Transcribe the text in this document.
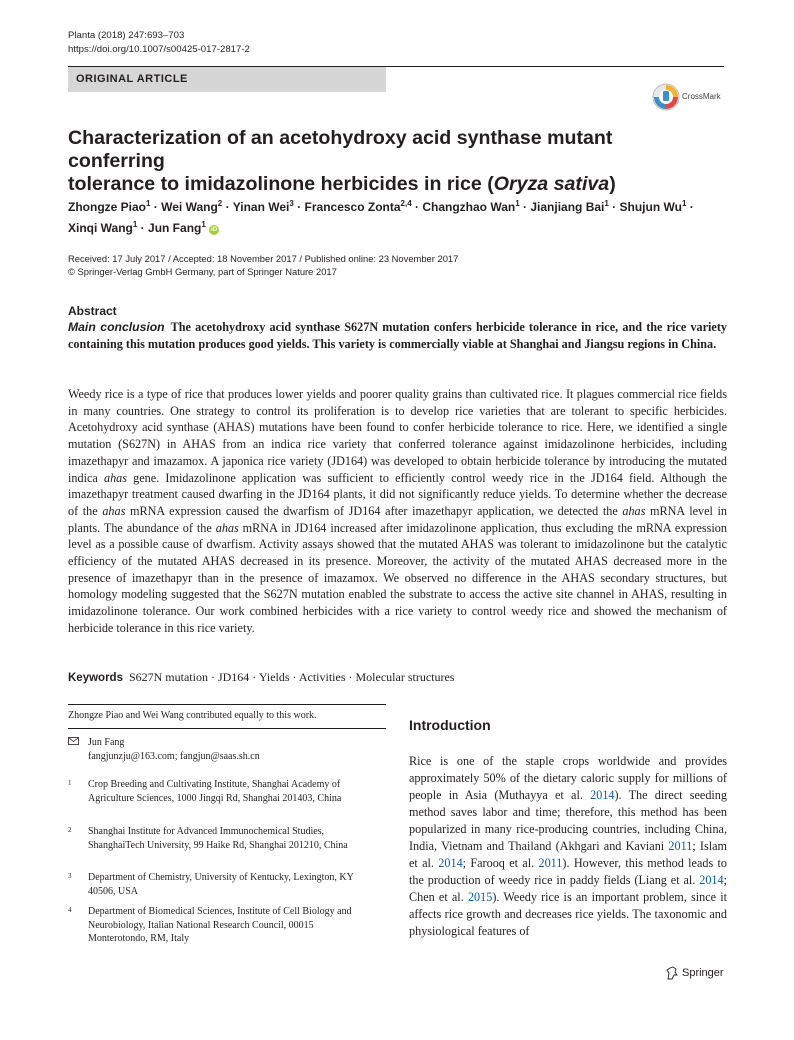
Planta (2018) 247:693–703
https://doi.org/10.1007/s00425-017-2817-2
ORIGINAL ARTICLE
CrossMark
Characterization of an acetohydroxy acid synthase mutant conferring
tolerance to imidazolinone herbicides in rice (Oryza sativa)
Zhongze Piao$^1$ · Wei Wang$^2$ · Yinan Wei$^3$ · Francesco Zonta$^{2,4}$ · Changzhao Wan$^1$ · Jianjiang Bai$^1$ · Shujun $Wu^1$ ·
Xinqi Wang$^1$ · Jun Fang$^1$ iD
Received: 17 July 2017 / Accepted: 18 November 2017 / Published online: 23 November 2017
© Springer-Verlag GmbH Germany, part of Springer Nature 2017
Abstract
Main conclusion The acetohydroxy acid synthase S627N mutation confers herbicide tolerance in rice, and the rice variety containing this mutation produces good yields. This variety is commercially viable at Shanghai and Jiangsu regions in China.
Weedy rice is a type of rice that produces lower yields and poorer quality grains than cultivated rice. It plagues commercial rice fields in many countries. One strategy to control its proliferation is to develop rice varieties that are tolerant to specific herbicides. Acetohydroxy acid synthase (AHAS) mutations have been found to confer herbicide tolerance to rice. Here, we identified a single mutation (S627N) in AHAS from an indica rice variety that conferred tolerance against imidazolinone herbicides, including imazethapyr and imazamox. A japonica rice variety (JD164) was developed to obtain herbicide tolerance by introducing the mutated indica ahas gene. Imidazolinone application was sufficient to efficiently control weedy rice in the JD164 field. Although the imazethapyr treatment caused dwarfing in the JD164 plants, it did not significantly reduce yields. To determine whether the decrease of the ahas mRNA expression caused the dwarfism of JD164 after imazethapyr application, we detected the ahas mRNA level in plants. The abundance of the ahas mRNA in JD164 increased after imidazolinone application, thus excluding the mRNA expression level as a possible cause of dwarfism. Activity assays showed that the mutated AHAS was tolerant to imidazolinone but the catalytic efficiency of the mutated AHAS decreased in its presence. Moreover, the activity of the mutated AHAS decreased more in the presence of imazethapyr than in the presence of imazamox. We observed no difference in the AHAS secondary structures, but homology modeling suggested that the S627N mutation enabled the substrate to access the active site channel in AHAS, resulting in imidazolinone tolerance. Our work combined herbicides with a rice variety to control weedy rice and showed the mechanism of herbicide tolerance in this rice variety.
Keywords S627N mutation · JD164 · Yields · Activities · Molecular structures
Zhongze Piao and Wei Wang contributed equally to this work.
Jun Fang
fangjunzju@163.com; fangjun@saas.sh.cn
1 Crop Breeding and Cultivating Institute, Shanghai Academy of Agriculture Sciences, 1000 Jingqi Rd, Shanghai 201403, China
2 Shanghai Institute for Advanced Immunochemical Studies, ShanghaiTech University, 99 Haike Rd, Shanghai 201210, China
3 Department of Chemistry, University of Kentucky, Lexington, KY 40506, USA
4 Department of Biomedical Sciences, Institute of Cell Biology and Neurobiology, Italian National Research Council, 00015 Monterotondo, RM, Italy
Introduction
Rice is one of the staple crops worldwide and provides approximately 50% of the dietary caloric supply for millions of people in Asia (Muthayya et al. 2014). The direct seeding method saves labor and time; therefore, this method has been popularized in many rice-producing countries, including China, India, Vietnam and Thailand (Akhgari and Kaviani 2011; Islam et al. 2014; Farooq et al. 2011). However, this method leads to the production of weedy rice in paddy fields (Liang et al. 2014; Chen et al. 2015). Weedy rice is an important problem, since it affects rice growth and decreases rice yields. The taxonomic and physiological features of
Springer
